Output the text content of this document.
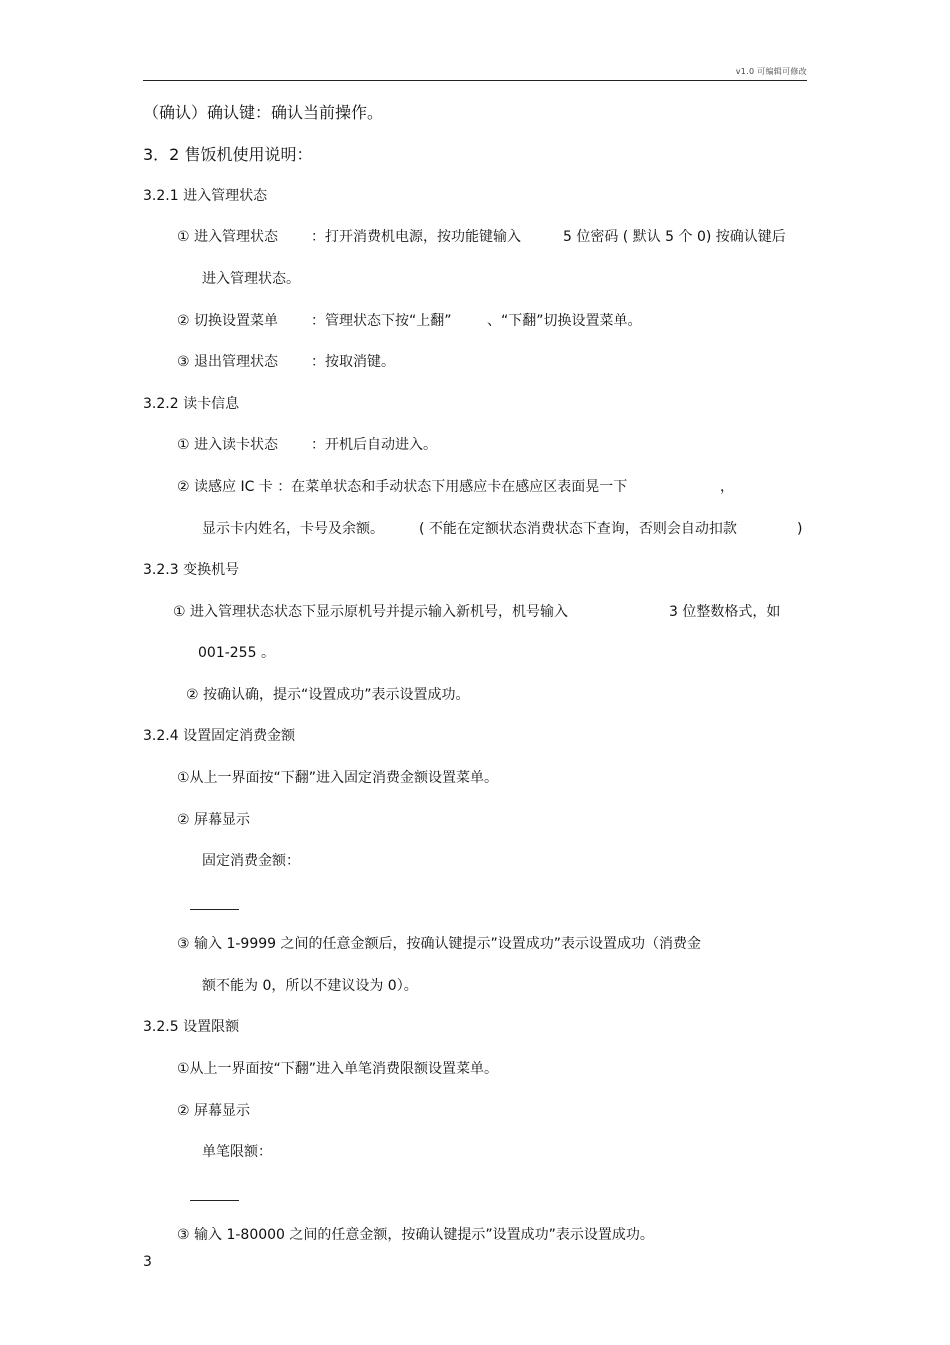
v1.0 可编辑可修改
（确认）确认键：确认当前操作。
3．2 售饭机使用说明：
3.2.1 进入管理状态
① 进入管理状态 ：打开消费机电源，按功能键输入	5 位密码 ( 默认 5 个 0) 按确认键后
进入管理状态。
② 切换设置菜单 ：管理状态下按“上翻”	、“下翻”切换设置菜单。
③ 退出管理状态 ：按取消键。
3.2.2 读卡信息
① 进入读卡状态 ：开机后自动进入。
② 读感应 IC 卡 ：在菜单状态和手动状态下用感应卡在感应区表面晃一下	，
显示卡内姓名，卡号及余额。	( 不能在定额状态消费状态下查询，否则会自动扣款	)
3.2.3 变换机号
① 进入管理状态状态下显示原机号并提示输入新机号，机号输入	3 位整数格式，如
001-255 。
② 按确认确，提示“设置成功”表示设置成功。
3.2.4 设置固定消费金额
①从上一界面按“下翻”进入固定消费金额设置菜单。
② 屏幕显示
固定消费金额：
③ 输入 1-9999 之间的任意金额后，按确认键提示”设置成功”表示设置成功（消费金
额不能为 0，所以不建议设为 0）。
3.2.5 设置限额
①从上一界面按“下翻”进入单笔消费限额设置菜单。
② 屏幕显示
单笔限额：
③ 输入 1-80000 之间的任意金额，按确认键提示”设置成功”表示设置成功。
3
